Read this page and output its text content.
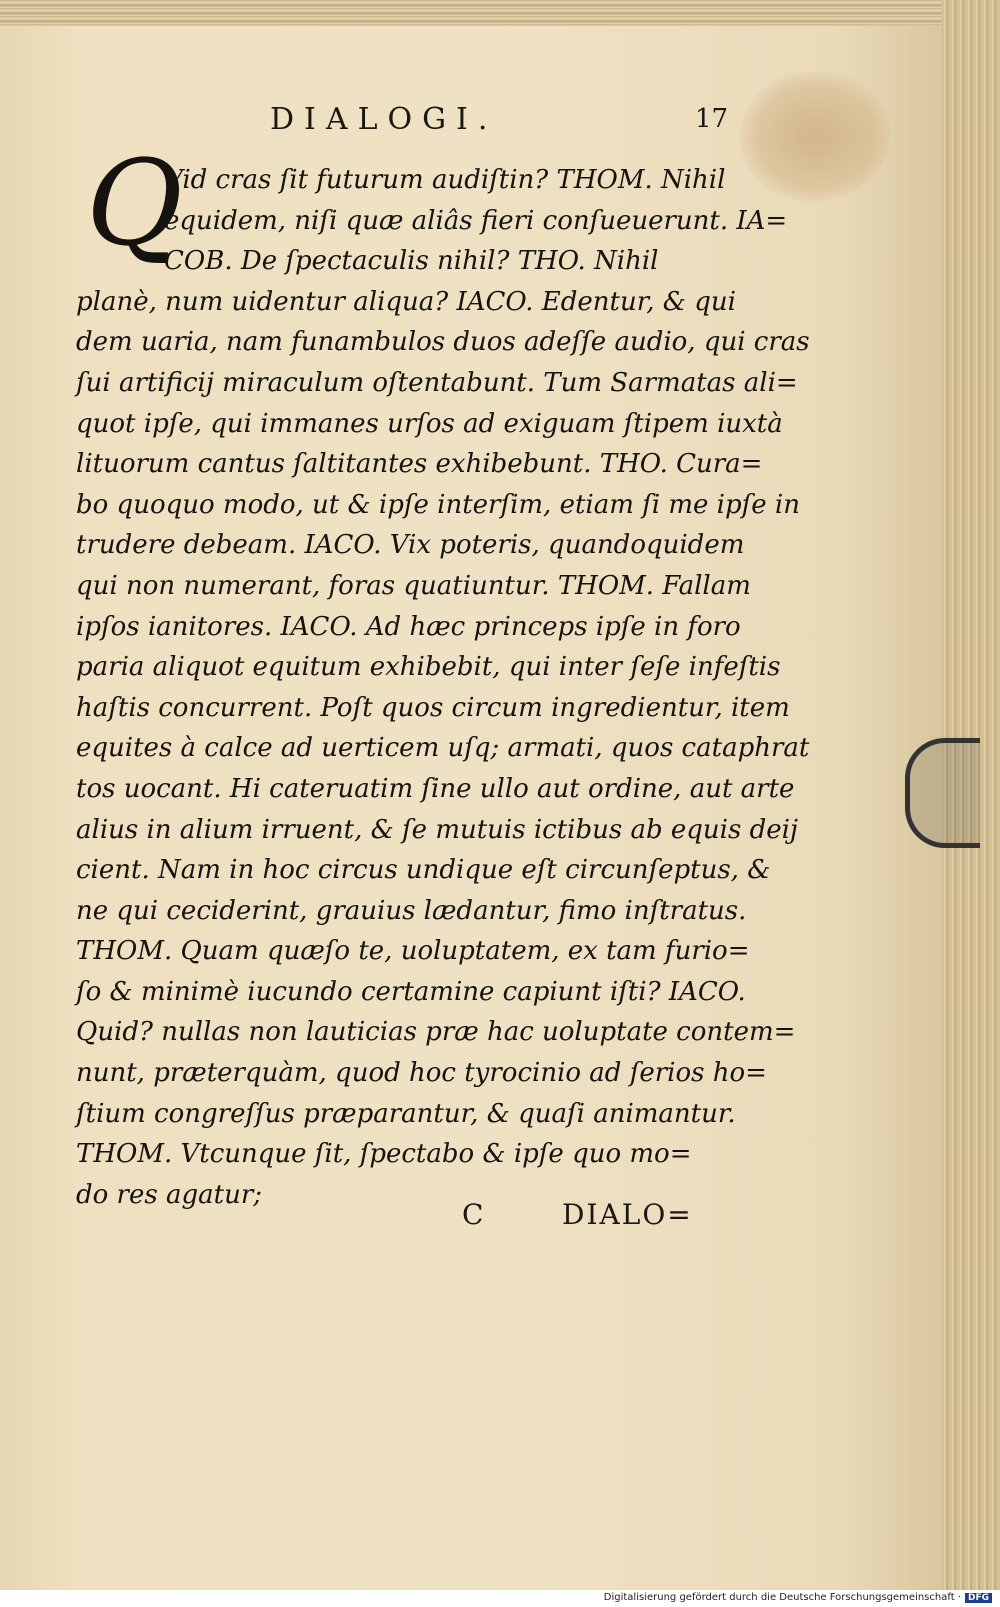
DIALOGI.	17
Q
Vid cras ſit futurum audiſtin? THOM. Nihil
equidem, niſi quæ aliâs fieri conſueuerunt. IA=
COB. De ſpectaculis nihil? THO. Nihil
planè, num uidentur aliqua? IACO. Edentur, & qui
dem uaria, nam funambulos duos adeſſe audio, qui cras
ſui artificij miraculum oſtentabunt. Tum Sarmatas ali=
quot ipſe, qui immanes urſos ad exiguam ſtipem iuxtà
lituorum cantus ſaltitantes exhibebunt. THO. Cura=
bo quoquo modo, ut & ipſe interſim, etiam ſi me ipſe in
trudere debeam. IACO. Vix poteris, quandoquidem
qui non numerant, foras quatiuntur. THOM. Fallam
ipſos ianitores. IACO. Ad hæc princeps ipſe in foro
paria aliquot equitum exhibebit, qui inter ſeſe infeſtis
haſtis concurrent. Poſt quos circum ingredientur, item
equites à calce ad uerticem uſq; armati, quos cataphrat
tos uocant. Hi cateruatim ſine ullo aut ordine, aut arte
alius in alium irruent, & ſe mutuis ictibus ab equis deij
cient. Nam in hoc circus undique eſt circunſeptus, &
ne qui ceciderint, grauius lædantur, fimo inſtratus.
THOM. Quam quæſo te, uoluptatem, ex tam furio=
ſo & minimè iucundo certamine capiunt iſti? IACO.
Quid? nullas non lauticias præ hac uoluptate contem=
nunt, præterquàm, quod hoc tyrocinio ad ſerios ho=
ſtium congreſſus præparantur, & quaſi animantur.
THOM. Vtcunque ſit, ſpectabo & ipſe quo mo=
do res agatur;
C	DIALO=
Digitalisierung gefördert durch die Deutsche Forschungsgemeinschaft · DFG
